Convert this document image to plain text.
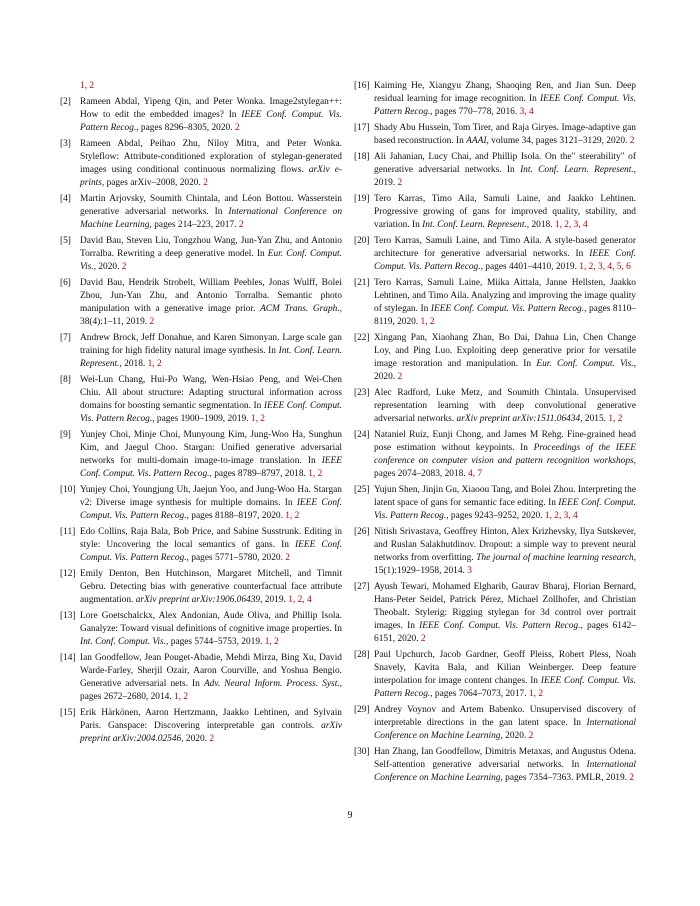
1, 2
[2] Rameen Abdal, Yipeng Qin, and Peter Wonka. Image2stylegan++: How to edit the embedded images? In IEEE Conf. Comput. Vis. Pattern Recog., pages 8296–8305, 2020. 2
[3] Rameen Abdal, Peihao Zhu, Niloy Mitra, and Peter Wonka. Styleflow: Attribute-conditioned exploration of stylegan-generated images using conditional continuous normalizing flows. arXiv e-prints, pages arXiv–2008, 2020. 2
[4] Martin Arjovsky, Soumith Chintala, and Léon Bottou. Wasserstein generative adversarial networks. In International Conference on Machine Learning, pages 214–223, 2017. 2
[5] David Bau, Steven Liu, Tongzhou Wang, Jun-Yan Zhu, and Antonio Torralba. Rewriting a deep generative model. In Eur. Conf. Comput. Vis., 2020. 2
[6] David Bau, Hendrik Strobelt, William Peebles, Jonas Wulff, Bolei Zhou, Jun-Yan Zhu, and Antonio Torralba. Semantic photo manipulation with a generative image prior. ACM Trans. Graph., 38(4):1–11, 2019. 2
[7] Andrew Brock, Jeff Donahue, and Karen Simonyan. Large scale gan training for high fidelity natural image synthesis. In Int. Conf. Learn. Represent., 2018. 1, 2
[8] Wei-Lun Chang, Hui-Po Wang, Wen-Hsiao Peng, and Wei-Chen Chiu. All about structure: Adapting structural information across domains for boosting semantic segmentation. In IEEE Conf. Comput. Vis. Pattern Recog., pages 1900–1909, 2019. 1, 2
[9] Yunjey Choi, Minje Choi, Munyoung Kim, Jung-Woo Ha, Sunghun Kim, and Jaegul Choo. Stargan: Unified generative adversarial networks for multi-domain image-to-image translation. In IEEE Conf. Comput. Vis. Pattern Recog., pages 8789–8797, 2018. 1, 2
[10] Yunjey Choi, Youngjung Uh, Jaejun Yoo, and Jung-Woo Ha. Stargan v2: Diverse image synthesis for multiple domains. In IEEE Conf. Comput. Vis. Pattern Recog., pages 8188–8197, 2020. 1, 2
[11] Edo Collins, Raja Bala, Bob Price, and Sabine Susstrunk. Editing in style: Uncovering the local semantics of gans. In IEEE Conf. Comput. Vis. Pattern Recog., pages 5771–5780, 2020. 2
[12] Emily Denton, Ben Hutchinson, Margaret Mitchell, and Timnit Gebru. Detecting bias with generative counterfactual face attribute augmentation. arXiv preprint arXiv:1906.06439, 2019. 1, 2, 4
[13] Lore Goetschalckx, Alex Andonian, Aude Oliva, and Phillip Isola. Ganalyze: Toward visual definitions of cognitive image properties. In Int. Conf. Comput. Vis., pages 5744–5753, 2019. 1, 2
[14] Ian Goodfellow, Jean Pouget-Abadie, Mehdi Mirza, Bing Xu, David Warde-Farley, Sherjil Ozair, Aaron Courville, and Yoshua Bengio. Generative adversarial nets. In Adv. Neural Inform. Process. Syst., pages 2672–2680, 2014. 1, 2
[15] Erik Härkönen, Aaron Hertzmann, Jaakko Lehtinen, and Sylvain Paris. Ganspace: Discovering interpretable gan controls. arXiv preprint arXiv:2004.02546, 2020. 2
[16] Kaiming He, Xiangyu Zhang, Shaoqing Ren, and Jian Sun. Deep residual learning for image recognition. In IEEE Conf. Comput. Vis. Pattern Recog., pages 770–778, 2016. 3, 4
[17] Shady Abu Hussein, Tom Tirer, and Raja Giryes. Image-adaptive gan based reconstruction. In AAAI, volume 34, pages 3121–3129, 2020. 2
[18] Ali Jahanian, Lucy Chai, and Phillip Isola. On the" steerability" of generative adversarial networks. In Int. Conf. Learn. Represent., 2019. 2
[19] Tero Karras, Timo Aila, Samuli Laine, and Jaakko Lehtinen. Progressive growing of gans for improved quality, stability, and variation. In Int. Conf. Learn. Represent., 2018. 1, 2, 3, 4
[20] Tero Karras, Samuli Laine, and Timo Aila. A style-based generator architecture for generative adversarial networks. In IEEE Conf. Comput. Vis. Pattern Recog., pages 4401–4410, 2019. 1, 2, 3, 4, 5, 6
[21] Tero Karras, Samuli Laine, Miika Aittala, Janne Hellsten, Jaakko Lehtinen, and Timo Aila. Analyzing and improving the image quality of stylegan. In IEEE Conf. Comput. Vis. Pattern Recog., pages 8110–8119, 2020. 1, 2
[22] Xingang Pan, Xiaohang Zhan, Bo Dai, Dahua Lin, Chen Change Loy, and Ping Luo. Exploiting deep generative prior for versatile image restoration and manipulation. In Eur. Conf. Comput. Vis., 2020. 2
[23] Alec Radford, Luke Metz, and Soumith Chintala. Unsupervised representation learning with deep convolutional generative adversarial networks. arXiv preprint arXiv:1511.06434, 2015. 1, 2
[24] Nataniel Ruiz, Eunji Chong, and James M Rehg. Fine-grained head pose estimation without keypoints. In Proceedings of the IEEE conference on computer vision and pattern recognition workshops, pages 2074–2083, 2018. 4, 7
[25] Yujun Shen, Jinjin Gu, Xiaoou Tang, and Bolei Zhou. Interpreting the latent space of gans for semantic face editing. In IEEE Conf. Comput. Vis. Pattern Recog., pages 9243–9252, 2020. 1, 2, 3, 4
[26] Nitish Srivastava, Geoffrey Hinton, Alex Krizhevsky, Ilya Sutskever, and Ruslan Salakhutdinov. Dropout: a simple way to prevent neural networks from overfitting. The journal of machine learning research, 15(1):1929–1958, 2014. 3
[27] Ayush Tewari, Mohamed Elgharib, Gaurav Bharaj, Florian Bernard, Hans-Peter Seidel, Patrick Pérez, Michael Zollhofer, and Christian Theobalt. Stylerig: Rigging stylegan for 3d control over portrait images. In IEEE Conf. Comput. Vis. Pattern Recog., pages 6142–6151, 2020. 2
[28] Paul Upchurch, Jacob Gardner, Geoff Pleiss, Robert Pless, Noah Snavely, Kavita Bala, and Kilian Weinberger. Deep feature interpolation for image content changes. In IEEE Conf. Comput. Vis. Pattern Recog., pages 7064–7073, 2017. 1, 2
[29] Andrey Voynov and Artem Babenko. Unsupervised discovery of interpretable directions in the gan latent space. In International Conference on Machine Learning, 2020. 2
[30] Han Zhang, Ian Goodfellow, Dimitris Metaxas, and Augustus Odena. Self-attention generative adversarial networks. In International Conference on Machine Learning, pages 7354–7363. PMLR, 2019. 2
9
